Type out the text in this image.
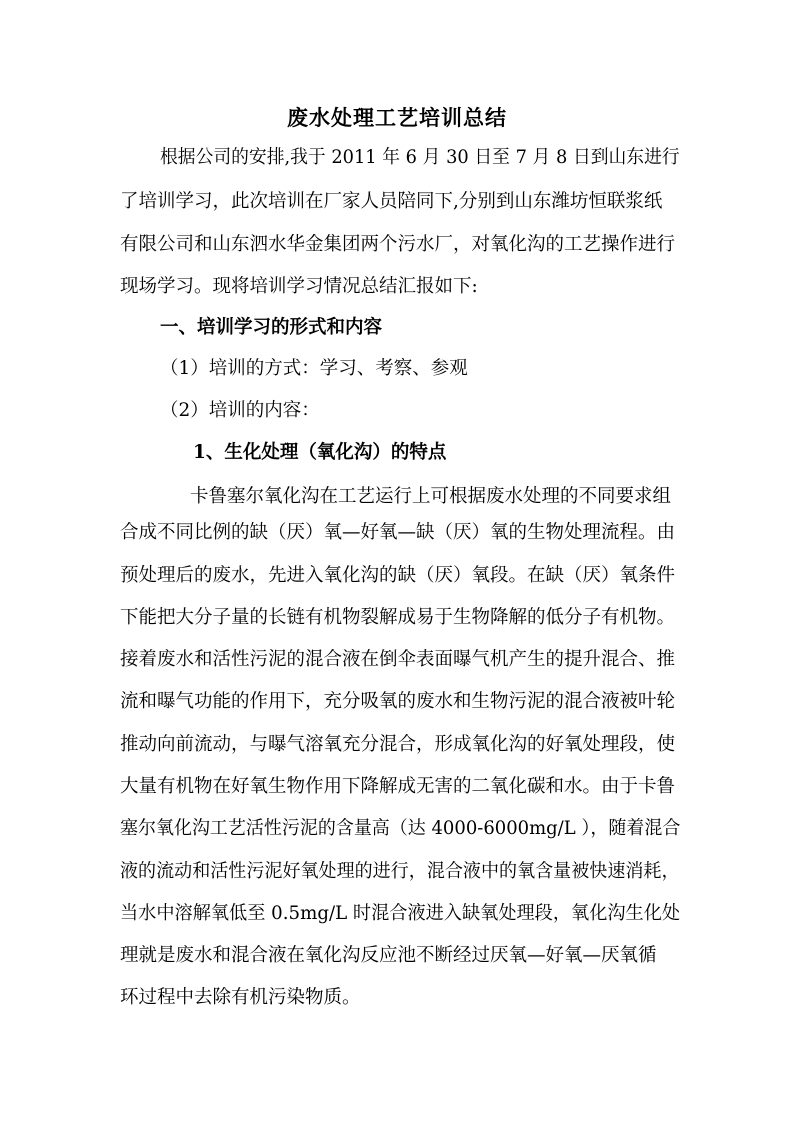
废水处理工艺培训总结
根据公司的安排,我于 2011 年 6 月 30 日至 7 月 8 日到山东进行
了培训学习，此次培训在厂家人员陪同下,分别到山东潍坊恒联浆纸
有限公司和山东泗水华金集团两个污水厂，对氧化沟的工艺操作进行
现场学习。现将培训学习情况总结汇报如下:
一、培训学习的形式和内容
（1）培训的方式：学习、考察、参观
（2）培训的内容：
1、生化处理（氧化沟）的特点
卡鲁塞尔氧化沟在工艺运行上可根据废水处理的不同要求组
合成不同比例的缺（厌）氧—好氧—缺（厌）氧的生物处理流程。由
预处理后的废水，先进入氧化沟的缺（厌）氧段。在缺（厌）氧条件
下能把大分子量的长链有机物裂解成易于生物降解的低分子有机物。
接着废水和活性污泥的混合液在倒伞表面曝气机产生的提升混合、推
流和曝气功能的作用下，充分吸氧的废水和生物污泥的混合液被叶轮
推动向前流动，与曝气溶氧充分混合，形成氧化沟的好氧处理段，使
大量有机物在好氧生物作用下降解成无害的二氧化碳和水。由于卡鲁
塞尔氧化沟工艺活性污泥的含量高（达 4000-6000mg/L ），随着混合
液的流动和活性污泥好氧处理的进行，混合液中的氧含量被快速消耗，
当水中溶解氧低至 0.5mg/L 时混合液进入缺氧处理段，氧化沟生化处
理就是废水和混合液在氧化沟反应池不断经过厌氧—好氧—厌氧循
环过程中去除有机污染物质。
